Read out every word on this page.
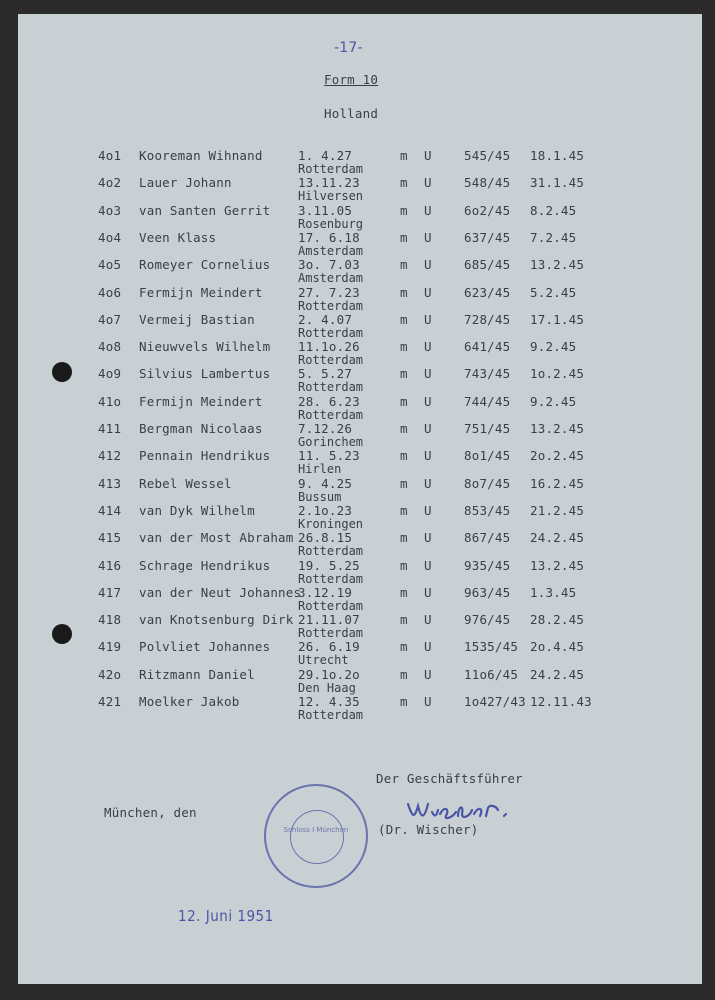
-17-
Form 10
Holland
4o1 Kooreman Wihnand	1. 4.27	m U	545/45 18.1.45
Rotterdam
4o2 Lauer Johann	13.11.23	m U	548/45 31.1.45
Hilversen
4o3 van Santen Gerrit 3.11.05	m U	6o2/45 8.2.45
Rosenburg
4o4 Veen Klass	17. 6.18	m U	637/45 7.2.45
Amsterdam
4o5 Romeyer Cornelius 3o. 7.03	m U	685/45 13.2.45
Amsterdam
4o6 Fermijn Meindert	27. 7.23	m U	623/45 5.2.45
Rotterdam
4o7 Vermeij Bastian	2. 4.07	m U	728/45 17.1.45
Rotterdam
4o8 Nieuwvels Wilhelm 11.1o.26	m U	641/45 9.2.45
Rotterdam
4o9 Silvius Lambertus 5. 5.27	m U	743/45 1o.2.45
Rotterdam
41o Fermijn Meindert	28. 6.23	m U	744/45 9.2.45
Rotterdam
411 Bergman Nicolaas	7.12.26	m U	751/45 13.2.45
Gorinchem
412 Pennain Hendrikus 11. 5.23	m U	8o1/45 2o.2.45
Hirlen
413 Rebel Wessel	9. 4.25	m U	8o7/45 16.2.45
Bussum
414 van Dyk Wilhelm	2.1o.23	m U	853/45 21.2.45
Kroningen
415 van der Most Abraham 26.8.15	m U	867/45 24.2.45
Rotterdam
416 Schrage Hendrikus 19. 5.25	m U	935/45 13.2.45
Rotterdam
417 van der Neut Johannes
3.12.19	m U	963/45 1.3.45
Rotterdam
418 van Knotsenburg Dirk 21.11.07	m U	976/45 28.2.45
Rotterdam
419 Polvliet Johannes 26. 6.19	m U	1535/45 2o.4.45
Utrecht
42o Ritzmann Daniel	29.1o.2o	m U	11o6/45 24.2.45
Den Haag
421 Moelker Jakob	12. 4.35	m U	1o427/43 12.11.43
Rotterdam
München, den
Der Geschäftsführer
(Dr. Wischer)
Schloss I München
12. Juni 1951
